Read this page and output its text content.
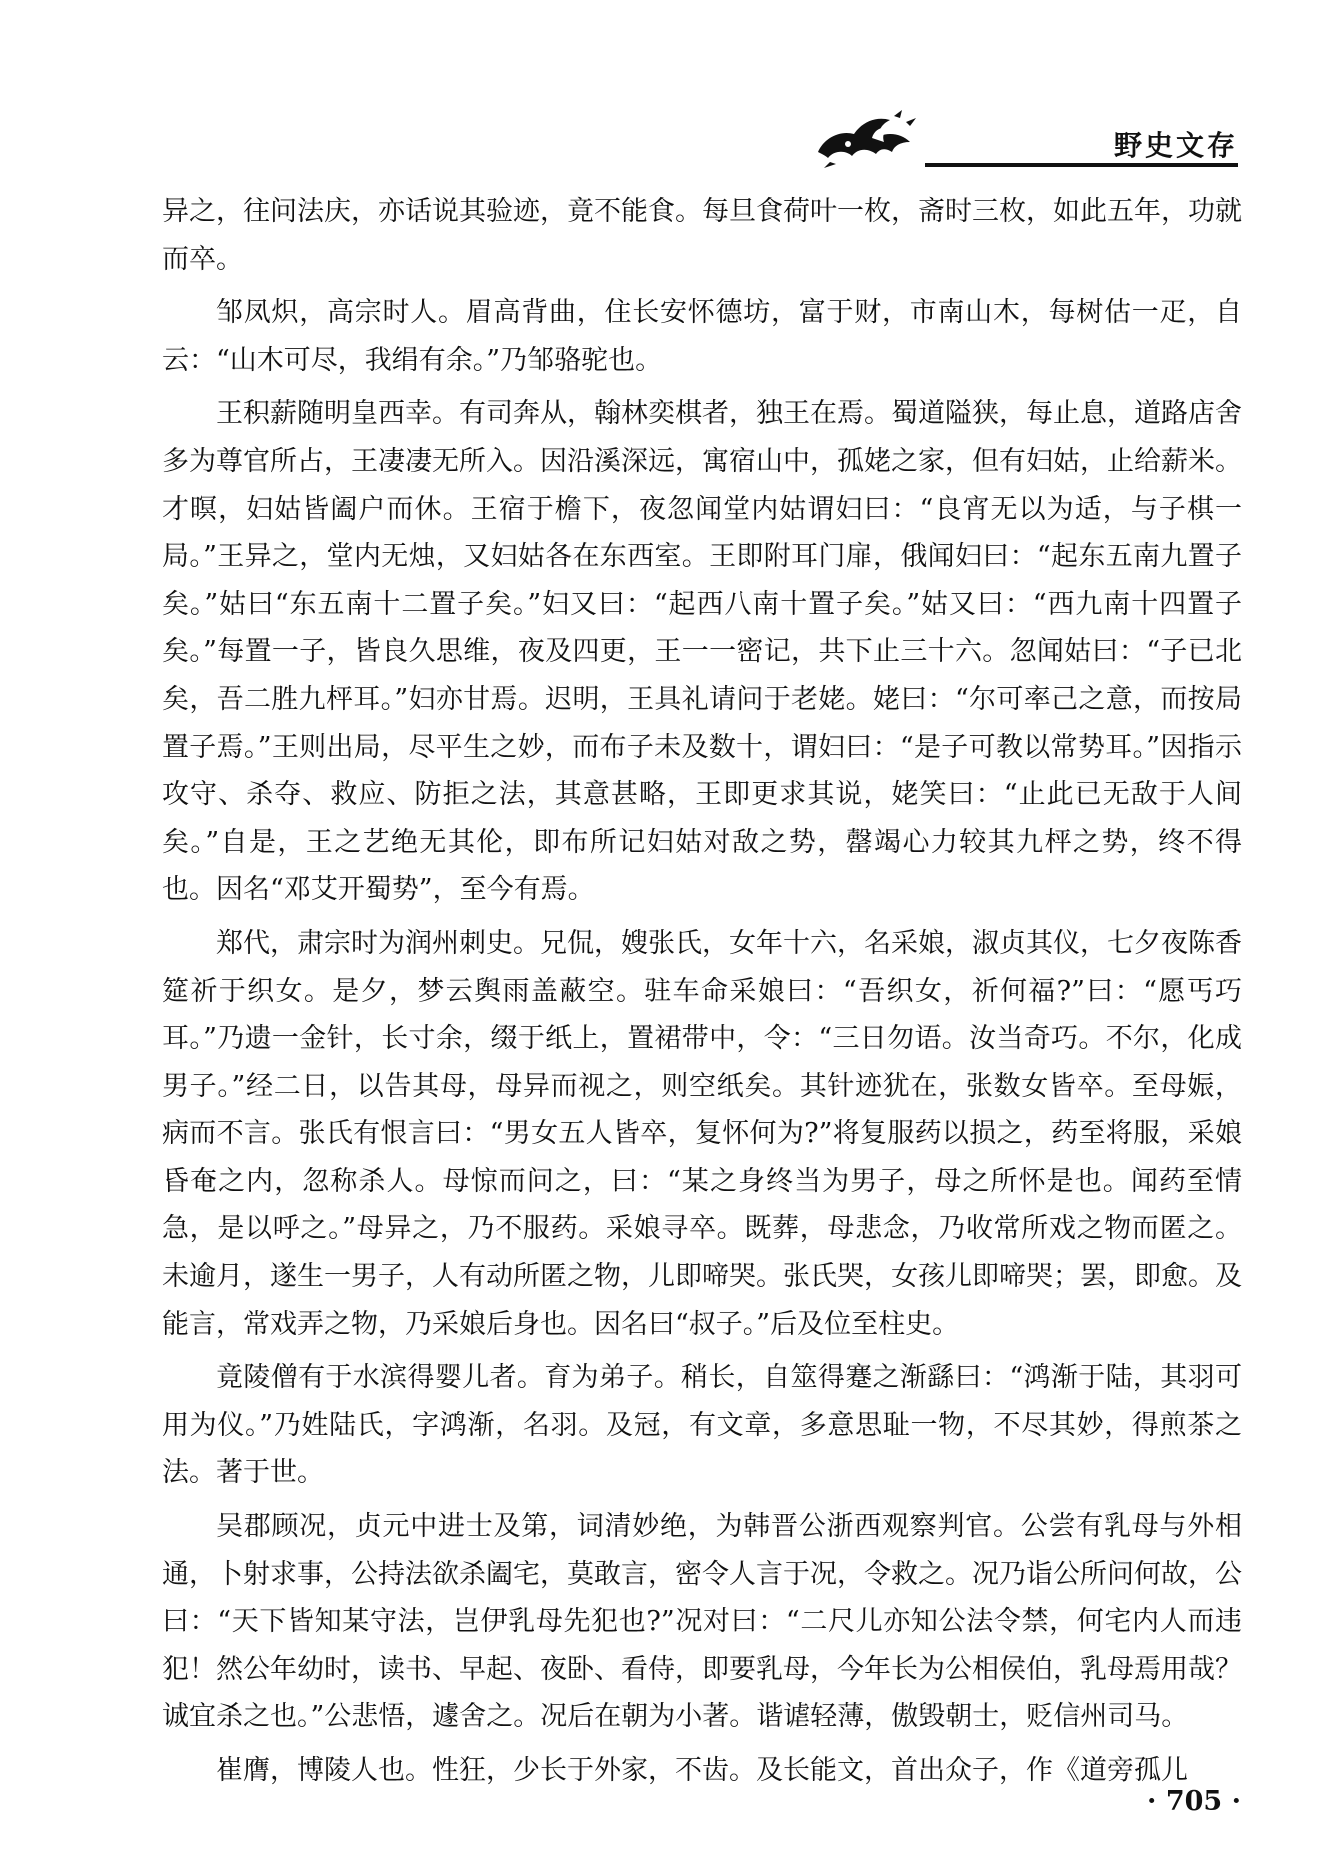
野史文存

异之，往问法庆，亦话说其验迹，竟不能食。每旦食荷叶一枚，斋时三枚，如此五年，功就而卒。

邹凤炽，高宗时人。眉高背曲，住长安怀德坊，富于财，市南山木，每树估一疋，自云：“山木可尽，我绢有余。”乃邹骆驼也。

王积薪随明皇西幸。有司奔从，翰林奕棋者，独王在焉。蜀道隘狭，每止息，道路店舍多为尊官所占，王凄凄无所入。因沿溪深远，寓宿山中，孤姥之家，但有妇姑，止给薪米。才暝，妇姑皆阖户而休。王宿于檐下，夜忽闻堂内姑谓妇曰：“良宵无以为适，与子棋一局。”王异之，堂内无烛，又妇姑各在东西室。王即附耳门扉，俄闻妇曰：“起东五南九置子矣。”姑曰“东五南十二置子矣。”妇又曰：“起西八南十置子矣。”姑又曰：“西九南十四置子矣。”每置一子，皆良久思维，夜及四更，王一一密记，共下止三十六。忽闻姑曰：“子已北矣，吾二胜九枰耳。”妇亦甘焉。迟明，王具礼请问于老姥。姥曰：“尔可率己之意，而按局置子焉。”王则出局，尽平生之妙，而布子未及数十，谓妇曰：“是子可教以常势耳。”因指示攻守、杀夺、救应、防拒之法，其意甚略，王即更求其说，姥笑曰：“止此已无敌于人间矣。”自是，王之艺绝无其伦，即布所记妇姑对敌之势，罄竭心力较其九枰之势，终不得也。因名“邓艾开蜀势”，至今有焉。

郑代，肃宗时为润州刺史。兄侃，嫂张氏，女年十六，名采娘，淑贞其仪，七夕夜陈香筵祈于织女。是夕，梦云舆雨盖蔽空。驻车命采娘曰：“吾织女，祈何福?”曰：“愿丐巧耳。”乃遗一金针，长寸余，缀于纸上，置裙带中，令：“三日勿语。汝当奇巧。不尔，化成男子。”经二日，以告其母，母异而视之，则空纸矣。其针迹犹在，张数女皆卒。至母娠，病而不言。张氏有恨言曰：“男女五人皆卒，复怀何为?”将复服药以损之，药至将服，采娘昏奄之内，忽称杀人。母惊而问之，曰：“某之身终当为男子，母之所怀是也。闻药至情急，是以呼之。”母异之，乃不服药。采娘寻卒。既葬，母悲念，乃收常所戏之物而匿之。未逾月，遂生一男子，人有动所匿之物，儿即啼哭。张氏哭，女孩儿即啼哭；罢，即愈。及能言，常戏弄之物，乃采娘后身也。因名曰“叔子。”后及位至柱史。

竟陵僧有于水滨得婴儿者。育为弟子。稍长，自筮得蹇之渐繇曰：“鸿渐于陆，其羽可用为仪。”乃姓陆氏，字鸿渐，名羽。及冠，有文章，多意思耻一物，不尽其妙，得煎茶之法。著于世。

吴郡顾况，贞元中进士及第，词清妙绝，为韩晋公浙西观察判官。公尝有乳母与外相通，卜射求事，公持法欲杀阖宅，莫敢言，密令人言于况，令救之。况乃诣公所问何故，公曰：“天下皆知某守法，岂伊乳母先犯也?”况对曰：“二尺儿亦知公法令禁，何宅内人而违犯！然公年幼时，读书、早起、夜卧、看侍，即要乳母，今年长为公相侯伯，乳母焉用哉？诚宜杀之也。”公悲悟，遽舍之。况后在朝为小著。谐谑轻薄，傲毁朝士，贬信州司马。

崔膺，博陵人也。性狂，少长于外家，不齿。及长能文，首出众子，作《道旁孤儿

· 705 ·
